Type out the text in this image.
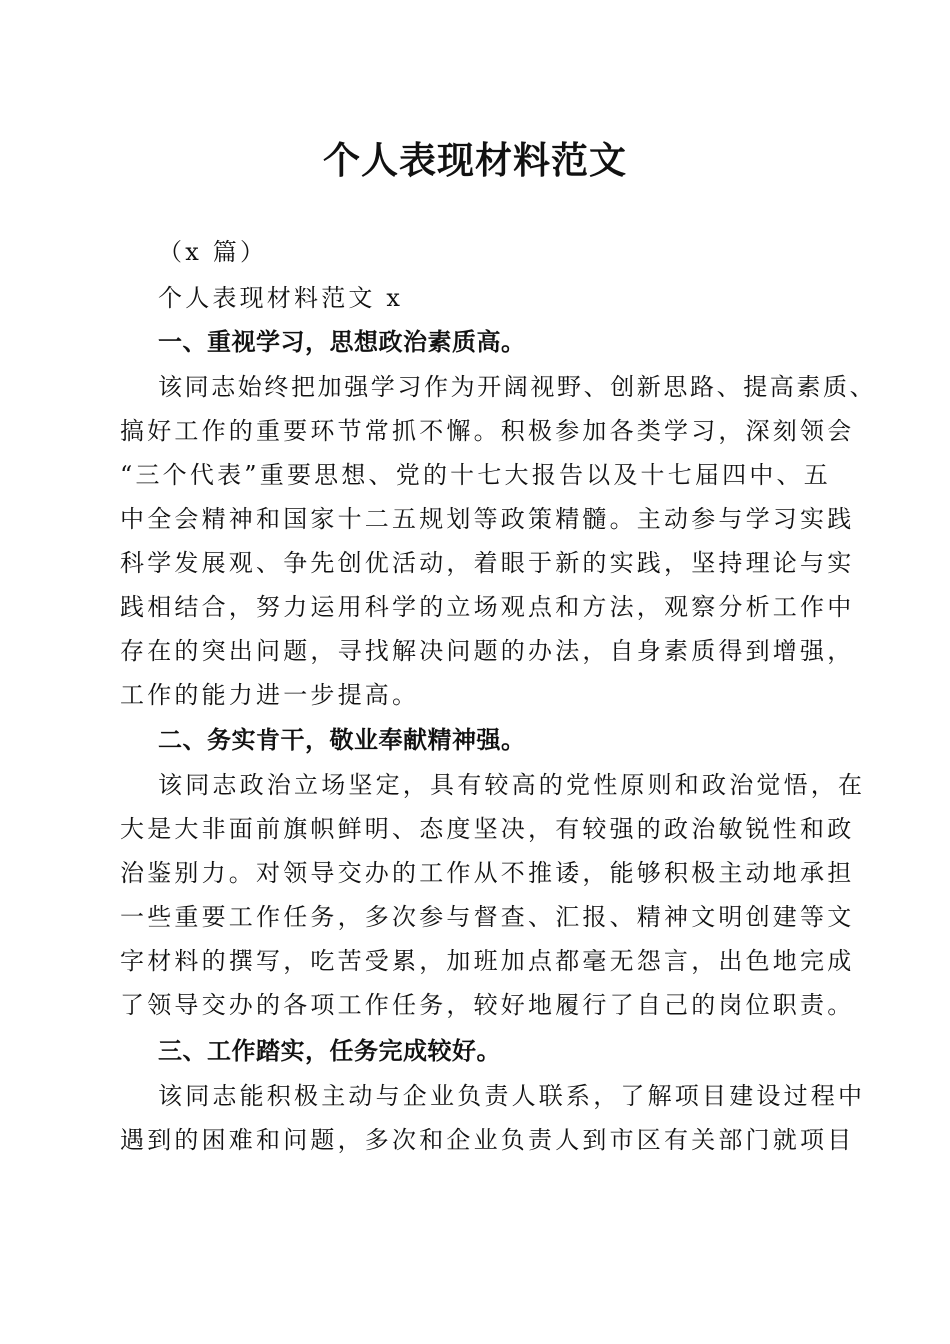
个人表现材料范文
（x 篇）
个人表现材料范文 x
一、重视学习，思想政治素质高。
该同志始终把加强学习作为开阔视野、创新思路、提高素质、
搞好工作的重要环节常抓不懈。积极参加各类学习，深刻领会
“三个代表”重要思想、党的十七大报告以及十七届四中、五
中全会精神和国家十二五规划等政策精髓。主动参与学习实践
科学发展观、争先创优活动，着眼于新的实践，坚持理论与实
践相结合，努力运用科学的立场观点和方法，观察分析工作中
存在的突出问题，寻找解决问题的办法，自身素质得到增强，
工作的能力进一步提高。
二、务实肯干，敬业奉献精神强。
该同志政治立场坚定，具有较高的党性原则和政治觉悟，在
大是大非面前旗帜鲜明、态度坚决，有较强的政治敏锐性和政
治鉴别力。对领导交办的工作从不推诿，能够积极主动地承担
一些重要工作任务，多次参与督查、汇报、精神文明创建等文
字材料的撰写，吃苦受累，加班加点都毫无怨言，出色地完成
了领导交办的各项工作任务，较好地履行了自己的岗位职责。
三、工作踏实，任务完成较好。
该同志能积极主动与企业负责人联系，了解项目建设过程中
遇到的困难和问题，多次和企业负责人到市区有关部门就项目
